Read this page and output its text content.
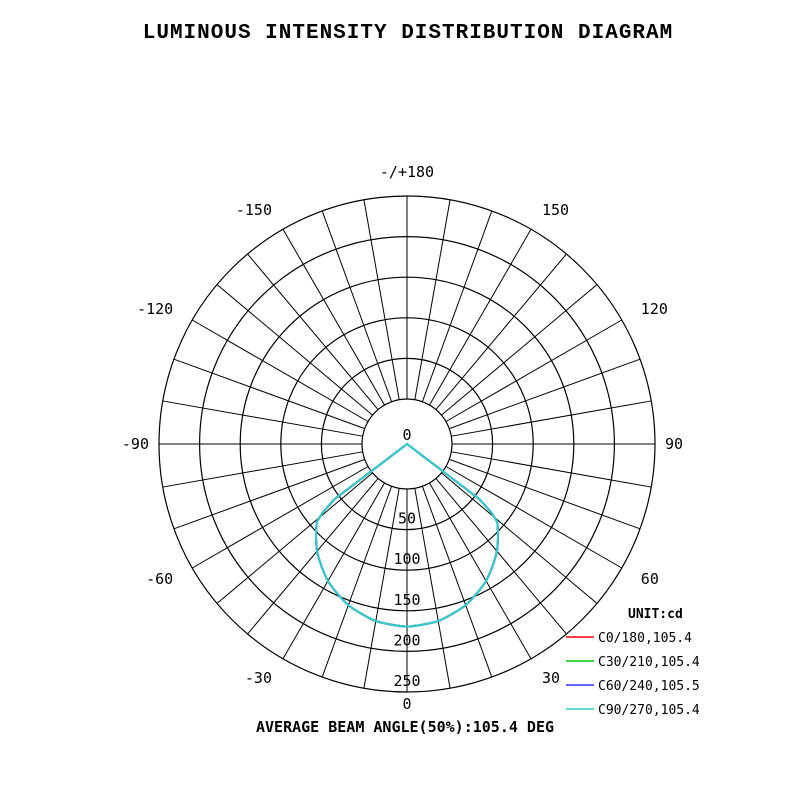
LUMINOUS INTENSITY DISTRIBUTION DIAGRAM
0
50
100
150
200
250
-/+180
150
-150
120
-120
90
-90
60
-60
30
-30
0
UNIT:cd
C0/180,105.4
C30/210,105.4
C60/240,105.5
C90/270,105.4
AVERAGE BEAM ANGLE(50%):105.4 DEG
